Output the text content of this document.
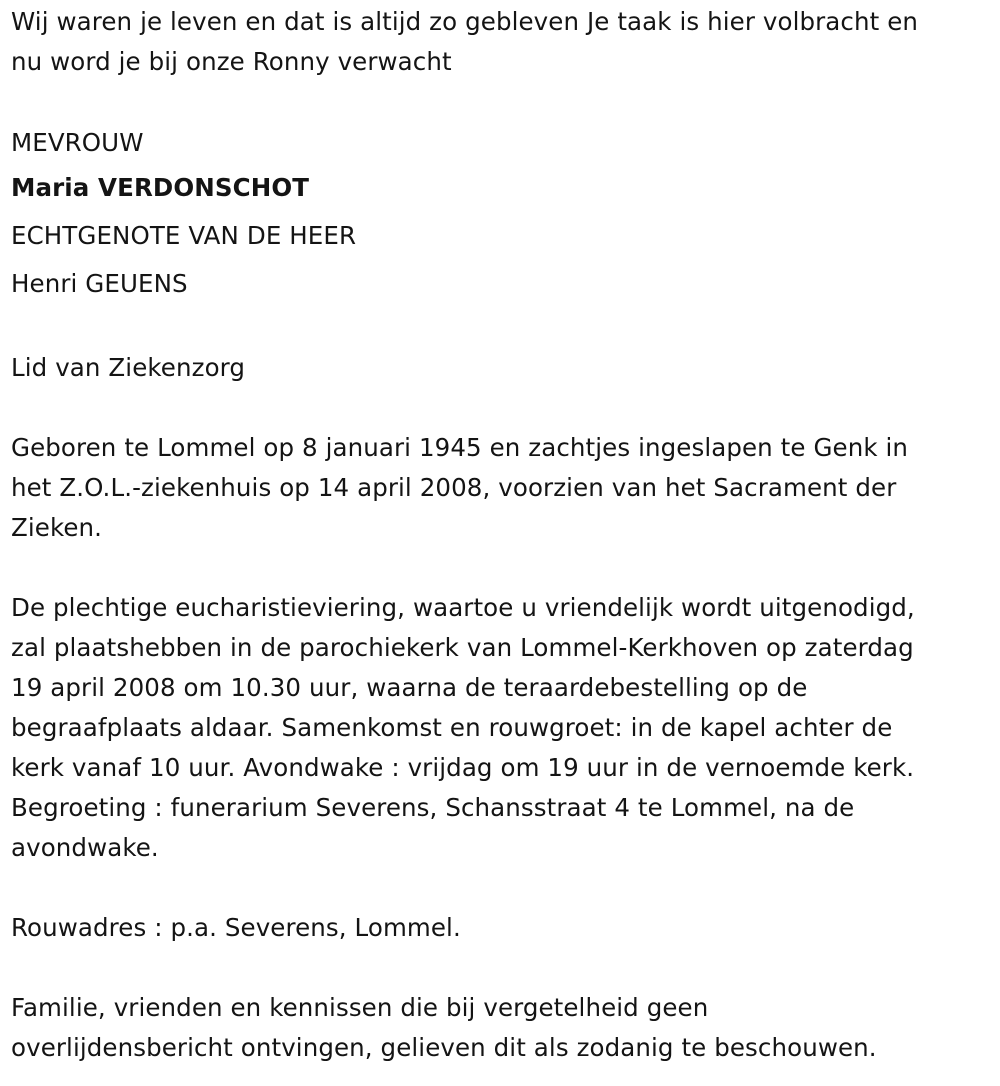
Wij waren je leven en dat is altijd zo gebleven Je taak is hier volbracht en
nu word je bij onze Ronny verwacht

MEVROUW
Maria VERDONSCHOT
ECHTGENOTE VAN DE HEER
Henri GEUENS

Lid van Ziekenzorg

Geboren te Lommel op 8 januari 1945 en zachtjes ingeslapen te Genk in
het Z.O.L.-ziekenhuis op 14 april 2008, voorzien van het Sacrament der
Zieken.

De plechtige eucharistieviering, waartoe u vriendelijk wordt uitgenodigd,
zal plaatshebben in de parochiekerk van Lommel-Kerkhoven op zaterdag
19 april 2008 om 10.30 uur, waarna de teraardebestelling op de
begraafplaats aldaar. Samenkomst en rouwgroet: in de kapel achter de
kerk vanaf 10 uur. Avondwake : vrijdag om 19 uur in de vernoemde kerk.
Begroeting : funerarium Severens, Schansstraat 4 te Lommel, na de
avondwake.

Rouwadres : p.a. Severens, Lommel.

Familie, vrienden en kennissen die bij vergetelheid geen
overlijdensbericht ontvingen, gelieven dit als zodanig te beschouwen.
